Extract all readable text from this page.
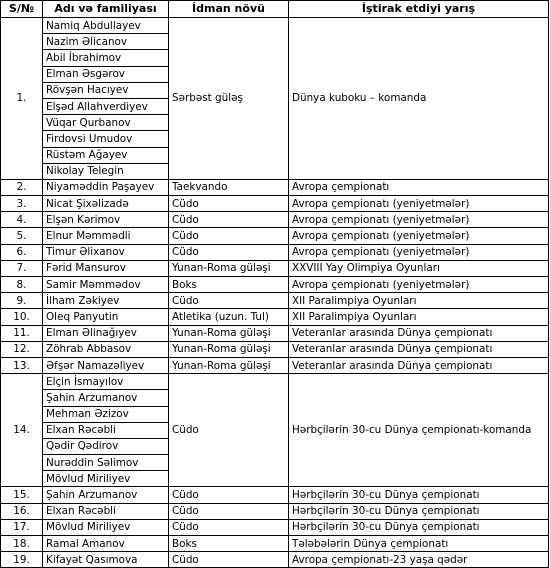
S/№	Adı və familiyası	İdman növü	İştirak etdiyi yarış
1.	Namiq Abdullayev	Sərbəst güləş	Dünya kuboku – komanda
	Nazim Əlicanov		
	Abil İbrahimov		
	Elman Əsgərov		
	Rövşən Hacıyev		
	Elşəd Allahverdiyev		
	Vüqar Qurbanov		
	Firdovsi Umudov		
	Rüstəm Ağayev		
	Nikolay Telegin		
2.	Niyaməddin Paşayev	Taekvando	Avropa çempionatı
3.	Nicat Şixəlizadə	Cüdo	Avropa çempionatı (yeniyetmələr)
4.	Elşən Kərimov	Cüdo	Avropa çempionatı (yeniyetmələr)
5.	Elnur Məmmədli	Cüdo	Avropa çempionatı (yeniyetmələr)
6.	Timur Əlixanov	Cüdo	Avropa çempionatı (yeniyetmələr)
7.	Fərid Mansurov	Yunan-Roma güləşi	XXVIII Yay Olimpiya Oyunları
8.	Samir Məmmədov	Boks	Avropa çempionatı (yeniyetmələr)
9.	İlham Zəkiyev	Cüdo	XII Paralimpiya Oyunları
10.	Oleq Panyutin	Atletika (uzun. Tul)	XII Paralimpiya Oyunları
11.	Elman Əlinağıyev	Yunan-Roma güləşi	Veteranlar arasında Dünya çempionatı
12.	Zöhrab Abbasov	Yunan-Roma güləşi	Veteranlar arasında Dünya çempionatı
13.	Əfşər Namazəliyev	Yunan-Roma güləşi	Veteranlar arasında Dünya çempionatı
14.	Elçin İsmayılov	Cüdo	Hərbçilərin 30-cu Dünya çempionatı-komanda
	Şahin Arzumanov		
	Mehman Əzizov		
	Elxan Rəcəbli		
	Qədir Qədirov		
	Nurəddin Səlimov		
	Mövlud Miriliyev		
15.	Şahin Arzumanov	Cüdo	Hərbçilərin 30-cu Dünya çempionatı
16.	Elxan Rəcəbli	Cüdo	Hərbçilərin 30-cu Dünya çempionatı
17.	Mövlud Miriliyev	Cüdo	Hərbçilərin 30-cu Dünya çempionatı
18.	Ramal Amanov	Boks	Tələbələrin Dünya çempionatı
19.	Kifayət Qasımova	Cüdo	Avropa çempionatı-23 yaşa qədər
